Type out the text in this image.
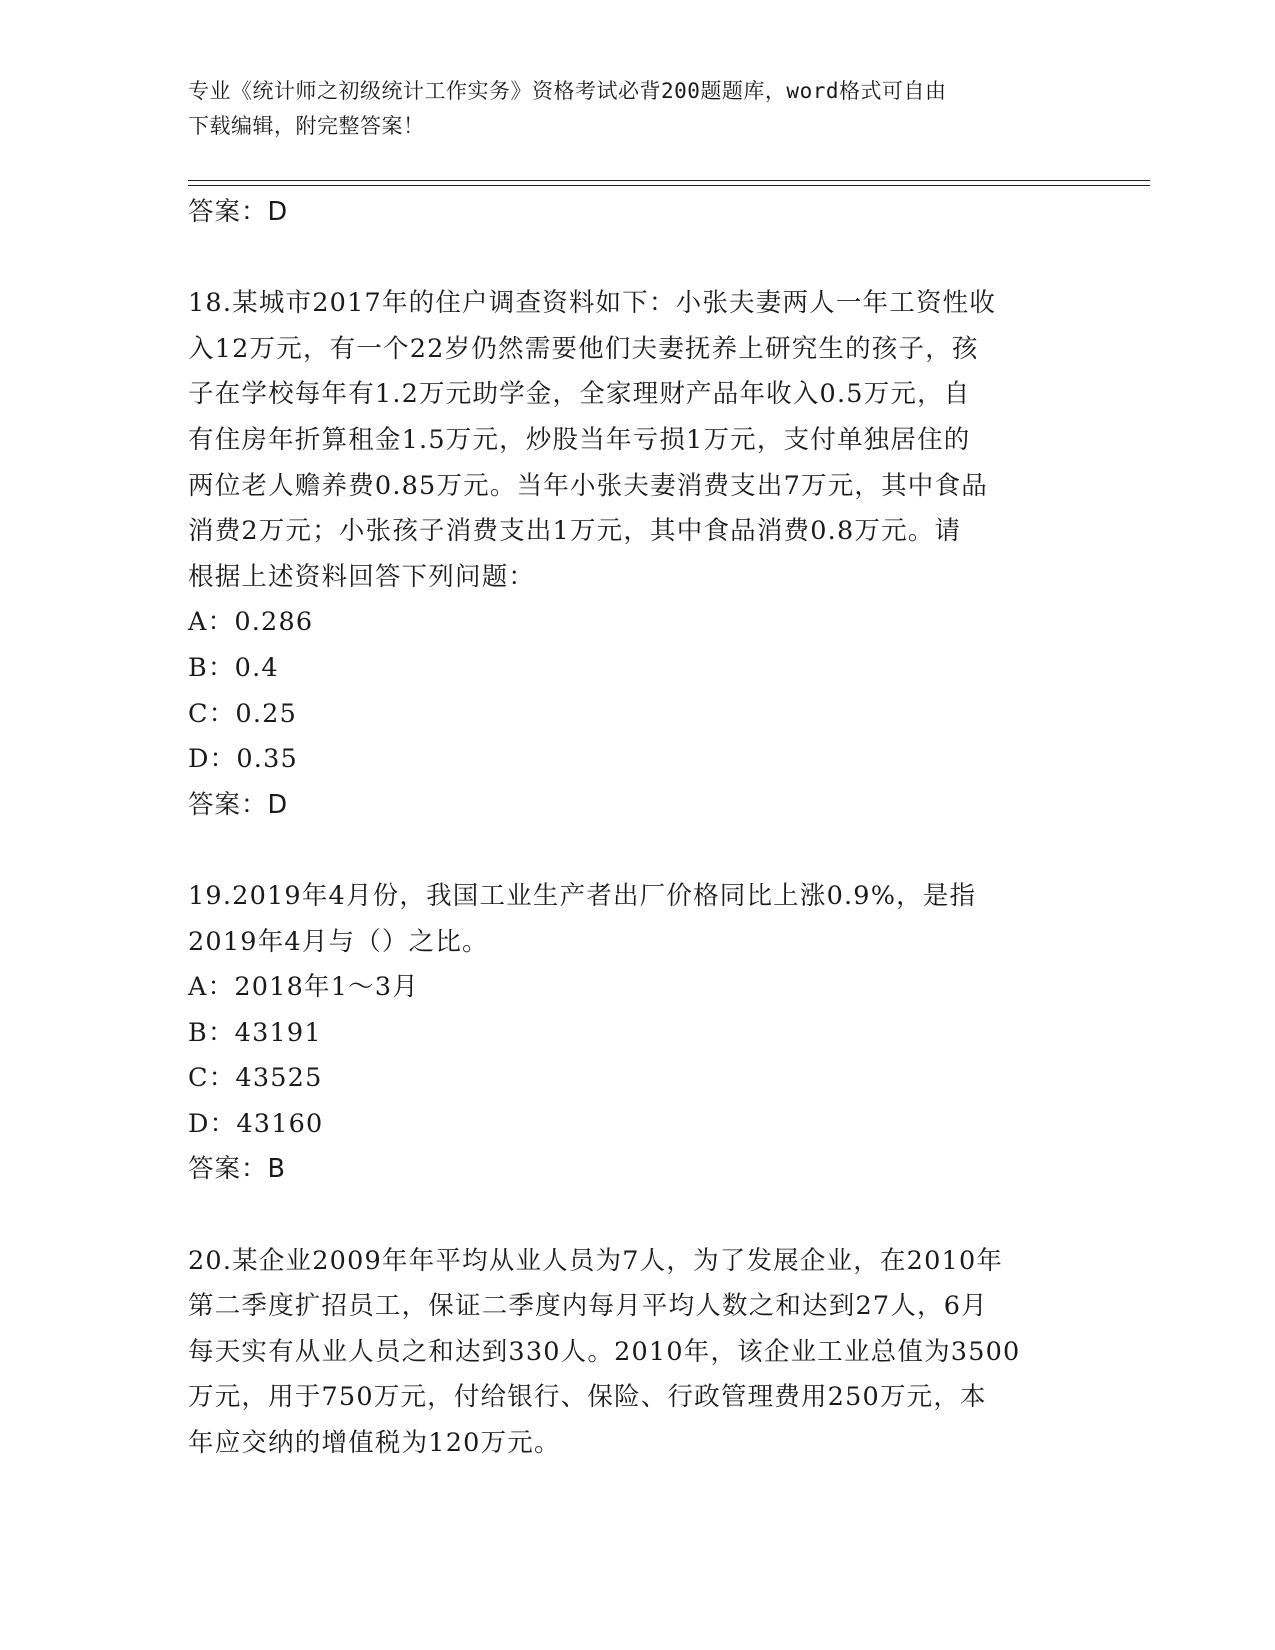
专业《统计师之初级统计工作实务》资格考试必背200题题库，word格式可自由
下载编辑，附完整答案！
答案：D
18.某城市2017年的住户调查资料如下：小张夫妻两人一年工资性收
入12万元，有一个22岁仍然需要他们夫妻抚养上研究生的孩子，孩
子在学校每年有1.2万元助学金，全家理财产品年收入0.5万元，自
有住房年折算租金1.5万元，炒股当年亏损1万元，支付单独居住的
两位老人赡养费0.85万元。当年小张夫妻消费支出7万元，其中食品
消费2万元；小张孩子消费支出1万元，其中食品消费0.8万元。请
根据上述资料回答下列问题：
A：0.286
B：0.4
C：0.25
D：0.35
答案：D
19.2019年4月份，我国工业生产者出厂价格同比上涨0.9%，是指
2019年4月与（）之比。
A：2018年1～3月
B：43191
C：43525
D：43160
答案：B
20.某企业2009年年平均从业人员为7人，为了发展企业，在2010年
第二季度扩招员工，保证二季度内每月平均人数之和达到27人，6月
每天实有从业人员之和达到330人。2010年，该企业工业总值为3500
万元，用于750万元，付给银行、保险、行政管理费用250万元，本
年应交纳的增值税为120万元。
